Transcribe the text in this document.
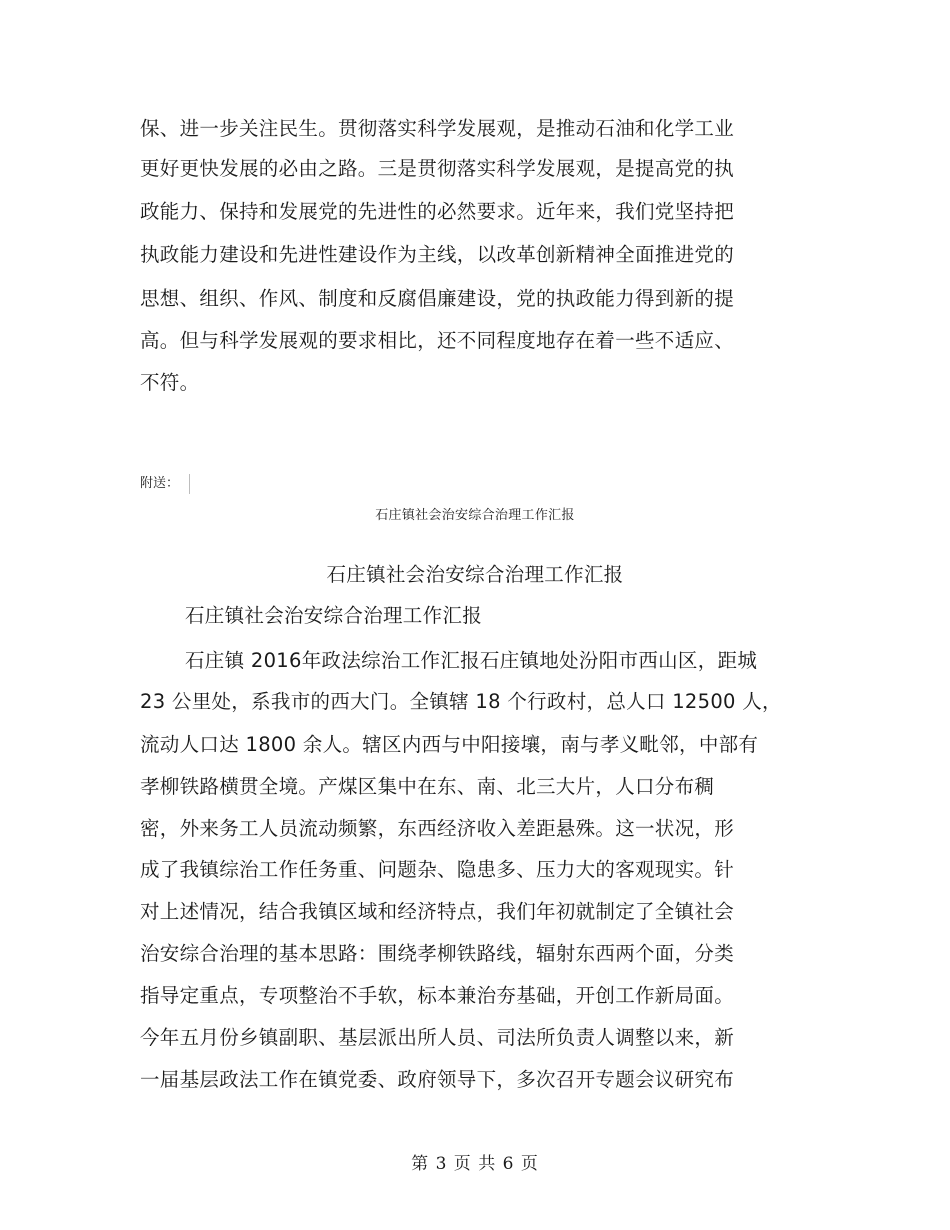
保、进一步关注民生。贯彻落实科学发展观，是推动石油和化学工业
更好更快发展的必由之路。三是贯彻落实科学发展观，是提高党的执
政能力、保持和发展党的先进性的必然要求。近年来，我们党坚持把
执政能力建设和先进性建设作为主线，以改革创新精神全面推进党的
思想、组织、作风、制度和反腐倡廉建设，党的执政能力得到新的提
高。但与科学发展观的要求相比，还不同程度地存在着一些不适应、
不符。
附送：
石庄镇社会治安综合治理工作汇报
石庄镇社会治安综合治理工作汇报
石庄镇社会治安综合治理工作汇报
石庄镇 2016年政法综治工作汇报石庄镇地处汾阳市西山区，距城
23 公里处，系我市的西大门。全镇辖 18 个行政村，总人口 12500 人，
流动人口达 1800 余人。辖区内西与中阳接壤，南与孝义毗邻，中部有
孝柳铁路横贯全境。产煤区集中在东、南、北三大片，人口分布稠
密，外来务工人员流动频繁，东西经济收入差距悬殊。这一状况，形
成了我镇综治工作任务重、问题杂、隐患多、压力大的客观现实。针
对上述情况，结合我镇区域和经济特点，我们年初就制定了全镇社会
治安综合治理的基本思路：围绕孝柳铁路线，辐射东西两个面，分类
指导定重点，专项整治不手软，标本兼治夯基础，开创工作新局面。
今年五月份乡镇副职、基层派出所人员、司法所负责人调整以来，新
一届基层政法工作在镇党委、政府领导下，多次召开专题会议研究布
第 3 页 共 6 页
